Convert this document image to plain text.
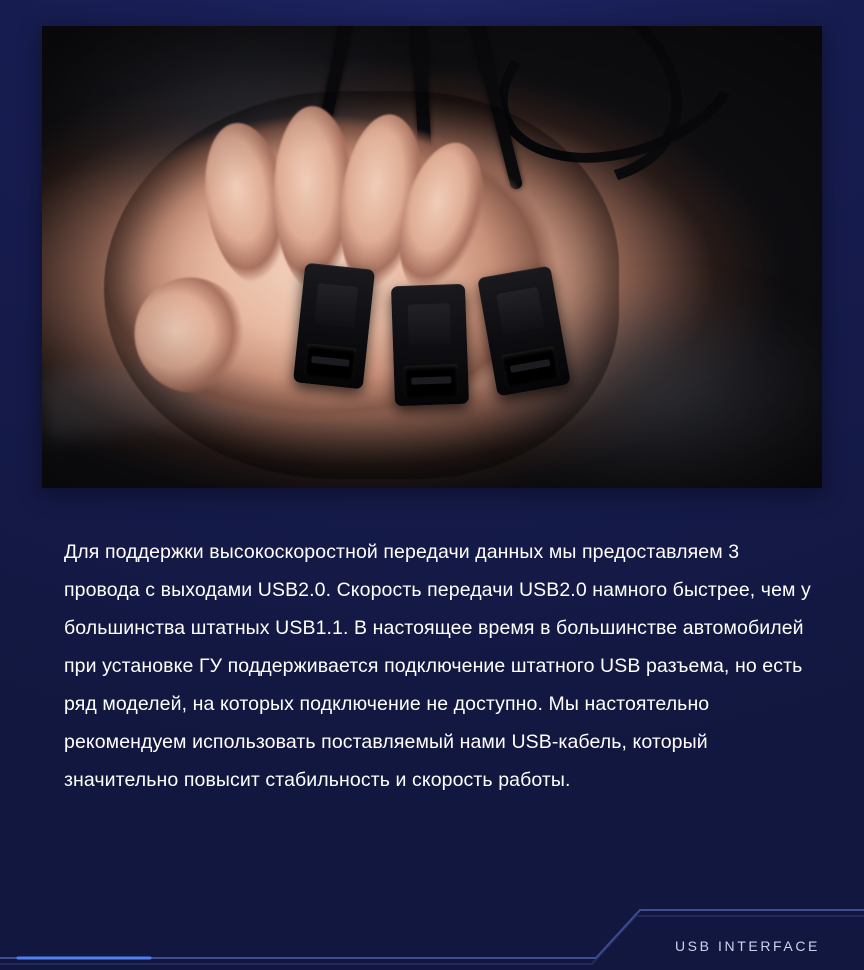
Для поддержки высокоскоростной передачи данных мы предоставляем 3 провода с выходами USB2.0. Скорость передачи USB2.0 намного быстрее, чем у большинства штатных USB1.1. В настоящее время в большинстве автомобилей при установке ГУ поддерживается подключение штатного USB разъема, но есть ряд моделей, на которых подключение не доступно. Мы настоятельно рекомендуем использовать поставляемый нами USB-кабель, который значительно повысит стабильность и скорость работы.

USB INTERFACE
